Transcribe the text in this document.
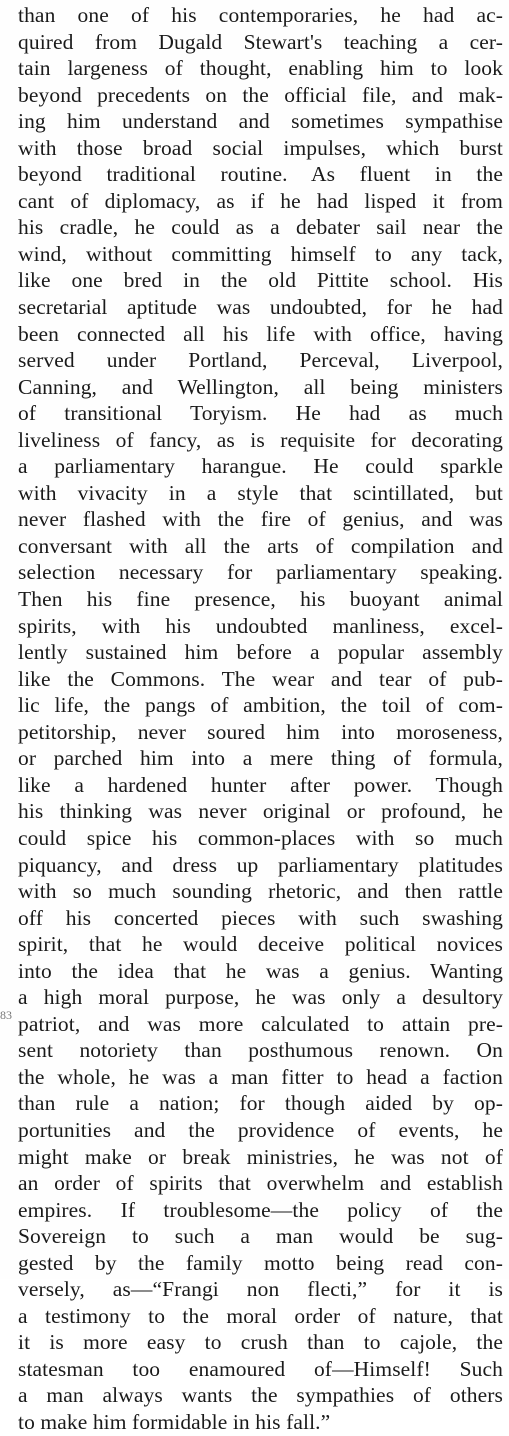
83
than one of his contemporaries, he had ac-
quired from Dugald Stewart's teaching a cer-
tain largeness of thought, enabling him to look
beyond precedents on the official file, and mak-
ing him understand and sometimes sympathise
with those broad social impulses, which burst
beyond traditional routine. As fluent in the
cant of diplomacy, as if he had lisped it from
his cradle, he could as a debater sail near the
wind, without committing himself to any tack,
like one bred in the old Pittite school. His
secretarial aptitude was undoubted, for he had
been connected all his life with office, having
served under Portland, Perceval, Liverpool,
Canning, and Wellington, all being ministers
of transitional Toryism. He had as much
liveliness of fancy, as is requisite for decorating
a parliamentary harangue. He could sparkle
with vivacity in a style that scintillated, but
never flashed with the fire of genius, and was
conversant with all the arts of compilation and
selection necessary for parliamentary speaking.
Then his fine presence, his buoyant animal
spirits, with his undoubted manliness, excel-
lently sustained him before a popular assembly
like the Commons. The wear and tear of pub-
lic life, the pangs of ambition, the toil of com-
petitorship, never soured him into moroseness,
or parched him into a mere thing of formula,
like a hardened hunter after power. Though
his thinking was never original or profound, he
could spice his common-places with so much
piquancy, and dress up parliamentary platitudes
with so much sounding rhetoric, and then rattle
off his concerted pieces with such swashing
spirit, that he would deceive political novices
into the idea that he was a genius. Wanting
a high moral purpose, he was only a desultory
patriot, and was more calculated to attain pre-
sent notoriety than posthumous renown. On
the whole, he was a man fitter to head a faction
than rule a nation; for though aided by op-
portunities and the providence of events, he
might make or break ministries, he was not of
an order of spirits that overwhelm and establish
empires. If troublesome—the policy of the
Sovereign to such a man would be sug-
gested by the family motto being read con-
versely, as—“Frangi non flecti,” for it is
a testimony to the moral order of nature, that
it is more easy to crush than to cajole, the
statesman too enamoured of—Himself! Such
a man always wants the sympathies of others
to make him formidable in his fall.”
